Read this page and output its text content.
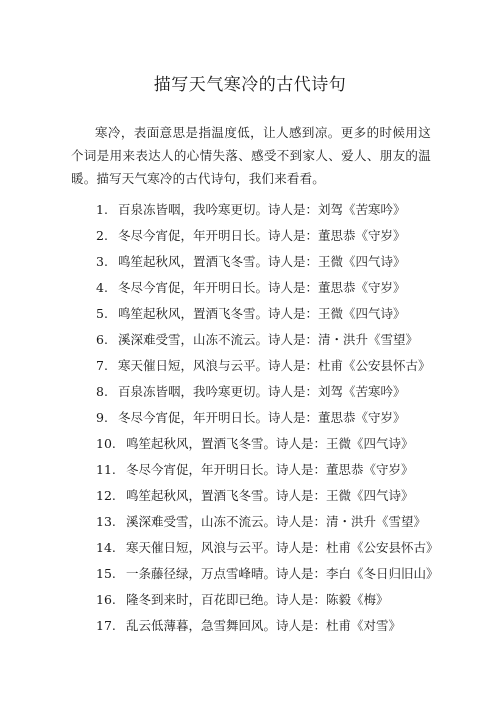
描写天气寒冷的古代诗句

寒冷，表面意思是指温度低，让人感到凉。更多的时候用这个词是用来表达人的心情失落、感受不到家人、爱人、朋友的温暖。描写天气寒冷的古代诗句，我们来看看。

1. 百泉冻皆咽，我吟寒更切。诗人是：刘驾《苦寒吟》
2. 冬尽今宵促，年开明日长。诗人是：董思恭《守岁》
3. 鸣笙起秋风，置酒飞冬雪。诗人是：王微《四气诗》
4. 冬尽今宵促，年开明日长。诗人是：董思恭《守岁》
5. 鸣笙起秋风，置酒飞冬雪。诗人是：王微《四气诗》
6. 溪深难受雪，山冻不流云。诗人是：清・洪升《雪望》
7. 寒天催日短，风浪与云平。诗人是：杜甫《公安县怀古》
8. 百泉冻皆咽，我吟寒更切。诗人是：刘驾《苦寒吟》
9. 冬尽今宵促，年开明日长。诗人是：董思恭《守岁》
10. 鸣笙起秋风，置酒飞冬雪。诗人是：王微《四气诗》
11. 冬尽今宵促，年开明日长。诗人是：董思恭《守岁》
12. 鸣笙起秋风，置酒飞冬雪。诗人是：王微《四气诗》
13. 溪深难受雪，山冻不流云。诗人是：清・洪升《雪望》
14. 寒天催日短，风浪与云平。诗人是：杜甫《公安县怀古》
15. 一条藤径绿，万点雪峰晴。诗人是：李白《冬日归旧山》
16. 隆冬到来时，百花即已绝。诗人是：陈毅《梅》
17. 乱云低薄暮，急雪舞回风。诗人是：杜甫《对雪》
